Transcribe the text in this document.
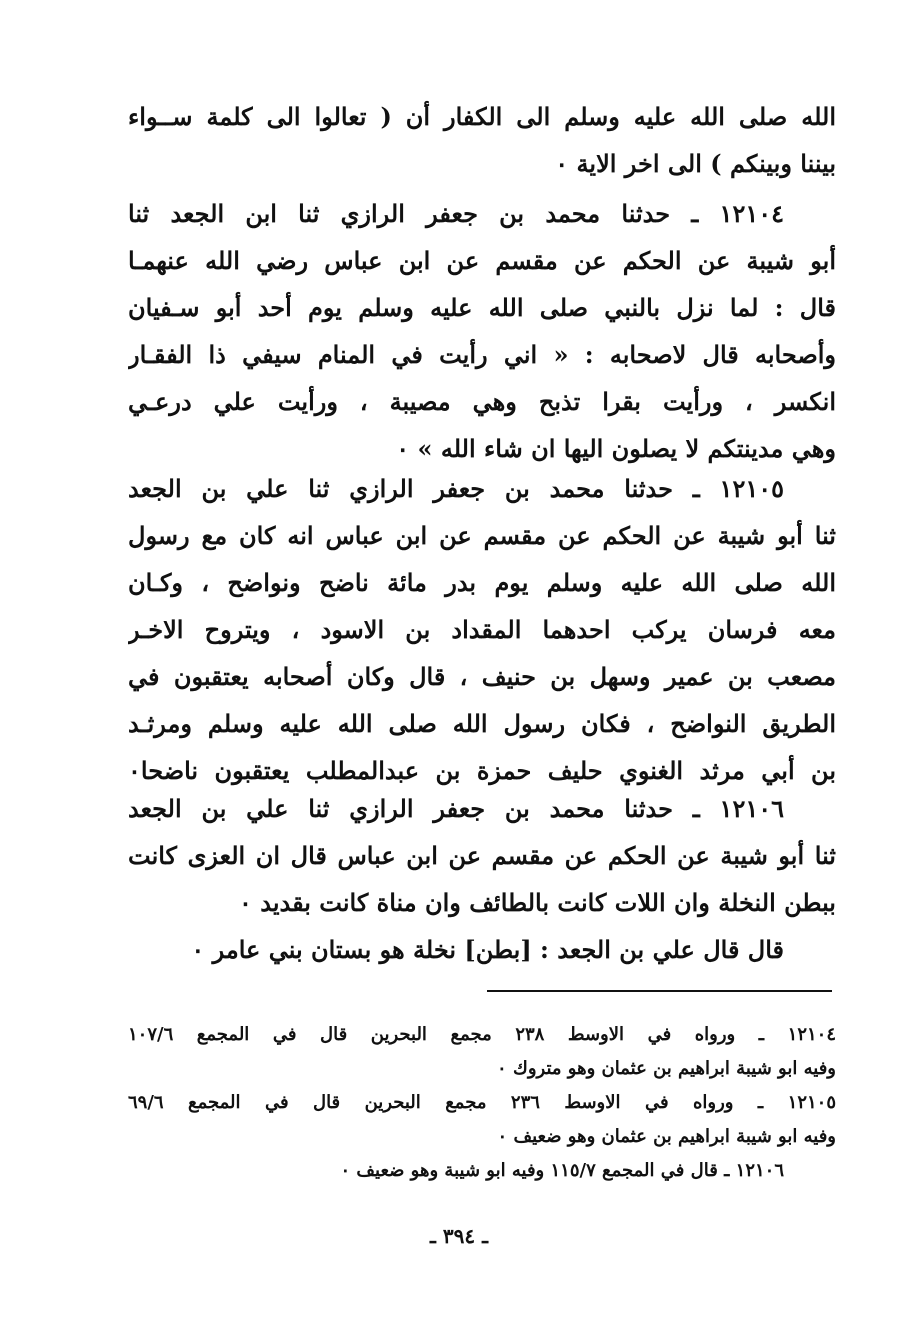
الله صلى الله عليه وسلم الى الكفار أن ( تعالوا الى كلمة ســواء
بيننا وبينكم ) الى اخر الاية ٠
١٢١٠٤ ـ حدثنا محمد بن جعفر الرازي ثنا ابن الجعد ثنا
أبو شيبة عن الحكم عن مقسم عن ابن عباس رضي الله عنهمـا
قال : لما نزل بالنبي صلى الله عليه وسلم يوم أحد أبو سـفيان
وأصحابه قال لاصحابه : « اني رأيت في المنام سيفي ذا الفقـار
انكسر ، ورأيت بقرا تذبح وهي مصيبة ، ورأيت علي درعـي
وهي مدينتكم لا يصلون اليها ان شاء الله » ٠
١٢١٠٥ ـ حدثنا محمد بن جعفر الرازي ثنا علي بن الجعد
ثنا أبو شيبة عن الحكم عن مقسم عن ابن عباس انه كان مع رسول
الله صلى الله عليه وسلم يوم بدر مائة ناضح ونواضح ، وكـان
معه فرسان يركب احدهما المقداد بن الاسود ، ويتروح الاخـر
مصعب بن عمير وسهل بن حنيف ، قال وكان أصحابه يعتقبون في
الطريق النواضح ، فكان رسول الله صلى الله عليه وسلم ومرثـد
بن أبي مرثد الغنوي حليف حمزة بن عبدالمطلب يعتقبون ناضحا٠
١٢١٠٦ ـ حدثنا محمد بن جعفر الرازي ثنا علي بن الجعد
ثنا أبو شيبة عن الحكم عن مقسم عن ابن عباس قال ان العزى كانت
ببطن النخلة وان اللات كانت بالطائف وان مناة كانت بقديد ٠
قال قال علي بن الجعد : [بطن] نخلة هو بستان بني عامر ٠
١٢١٠٤ ـ ورواه في الاوسط ٢٣٨ مجمع البحرين قال في المجمع ١٠٧/٦
وفيه ابو شيبة ابراهيم بن عثمان وهو متروك ٠
١٢١٠٥ ـ ورواه في الاوسط ٢٣٦ مجمع البحرين قال في المجمع ٦٩/٦
وفيه ابو شيبة ابراهيم بن عثمان وهو ضعيف ٠
١٢١٠٦ ـ قال في المجمع ١١٥/٧ وفيه ابو شيبة وهو ضعيف ٠
ـ ٣٩٤ ـ
